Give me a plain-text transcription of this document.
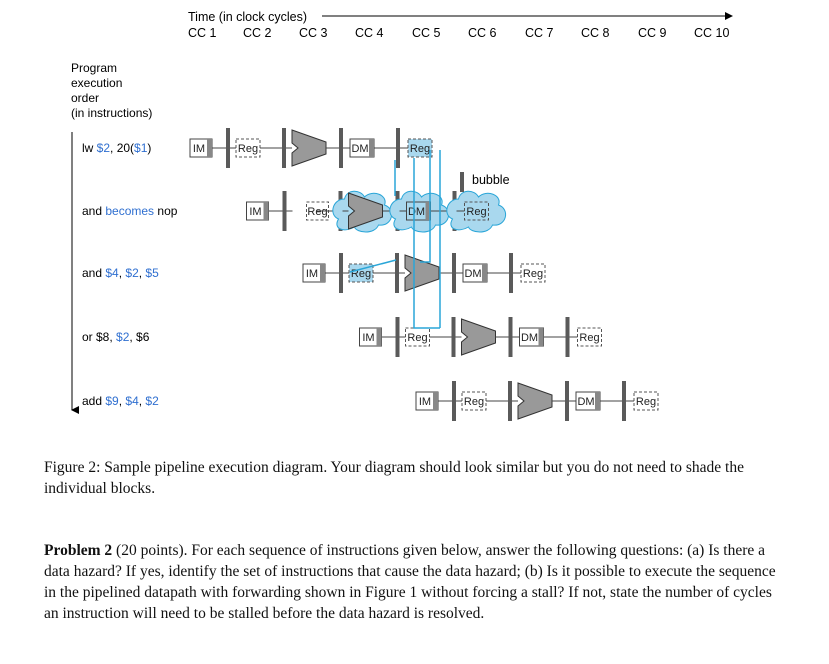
Time (in clock cycles)
CC 1 CC 2 CC 3 CC 4 CC 5 CC 6 CC 7 CC 8 CC 9 CC 10
Program
execution
order
(in instructions)
lw $2, 20($1)
and becomes nop
and $4, $2, $5
or $8, $2, $6
add $9, $4, $2
IM	Reg	DM	Reg
IM	Reg	DM	Reg
IM	Reg	DM	Reg
IM	Reg	DM	Reg
IM	Reg	DM	Reg
bubble

Figure 2: Sample pipeline execution diagram. Your diagram should look similar but you do not need to shade the individual blocks.

Problem 2 (20 points). For each sequence of instructions given below, answer the following questions: (a) Is there a data hazard? If yes, identify the set of instructions that cause the data hazard; (b) Is it possible to execute the sequence in the pipelined datapath with forwarding shown in Figure 1 without forcing a stall? If not, state the number of cycles an instruction will need to be stalled before the data hazard is resolved.
